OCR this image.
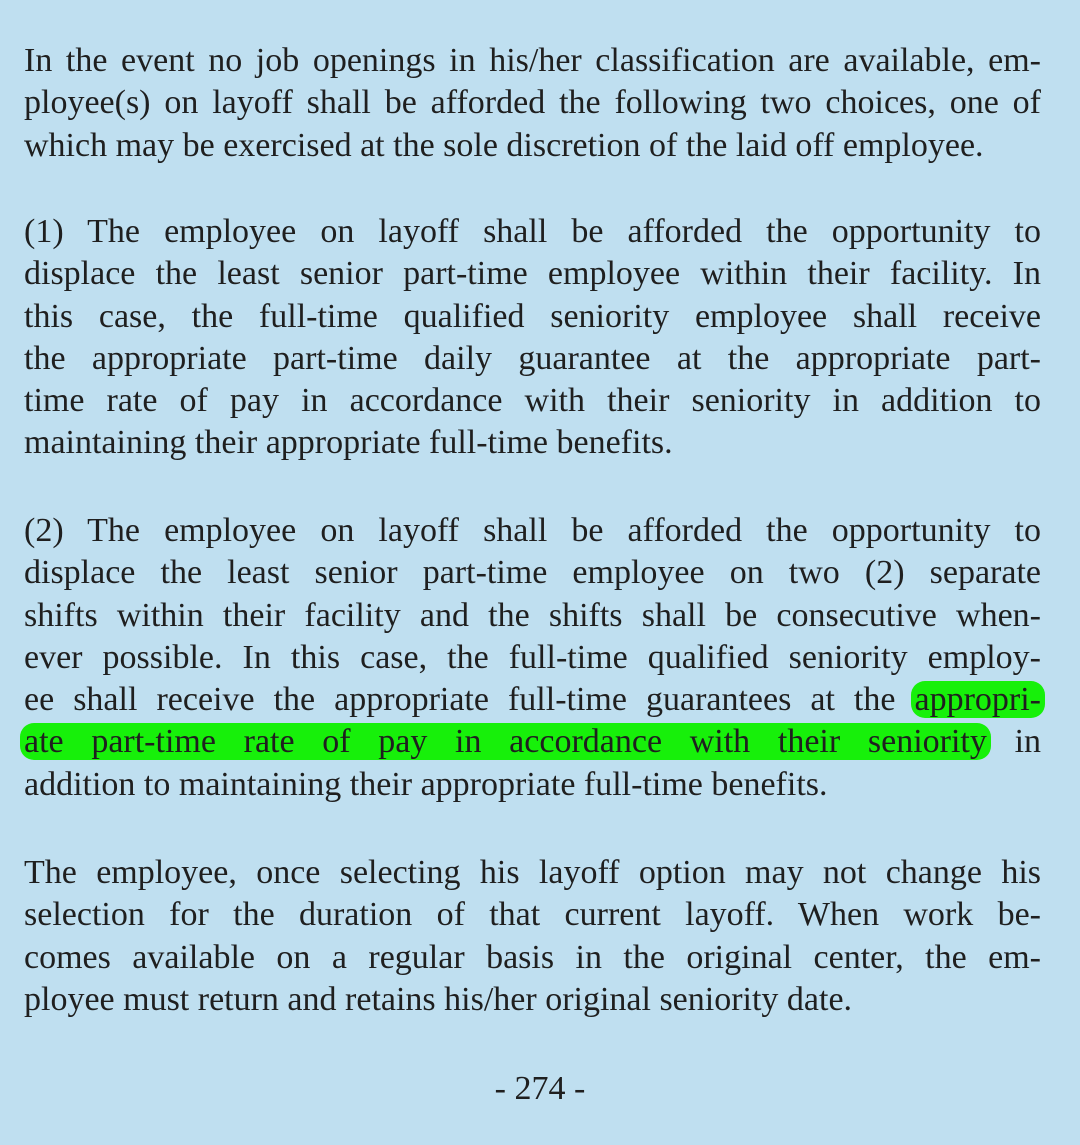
In the event no job openings in his/her classification are available, em-
ployee(s) on layoff shall be afforded the following two choices, one of
which may be exercised at the sole discretion of the laid off employee.
(1) The employee on layoff shall be afforded the opportunity to
displace the least senior part-time employee within their facility. In
this case, the full-time qualified seniority employee shall receive
the appropriate part-time daily guarantee at the appropriate part-
time rate of pay in accordance with their seniority in addition to
maintaining their appropriate full-time benefits.
(2) The employee on layoff shall be afforded the opportunity to
displace the least senior part-time employee on two (2) separate
shifts within their facility and the shifts shall be consecutive when-
ever possible. In this case, the full-time qualified seniority employ-
ee shall receive the appropriate full-time guarantees at the appropri-
ate part-time rate of pay in accordance with their seniority in
addition to maintaining their appropriate full-time benefits.
The employee, once selecting his layoff option may not change his
selection for the duration of that current layoff. When work be-
comes available on a regular basis in the original center, the em-
ployee must return and retains his/her original seniority date.
- 274 -
